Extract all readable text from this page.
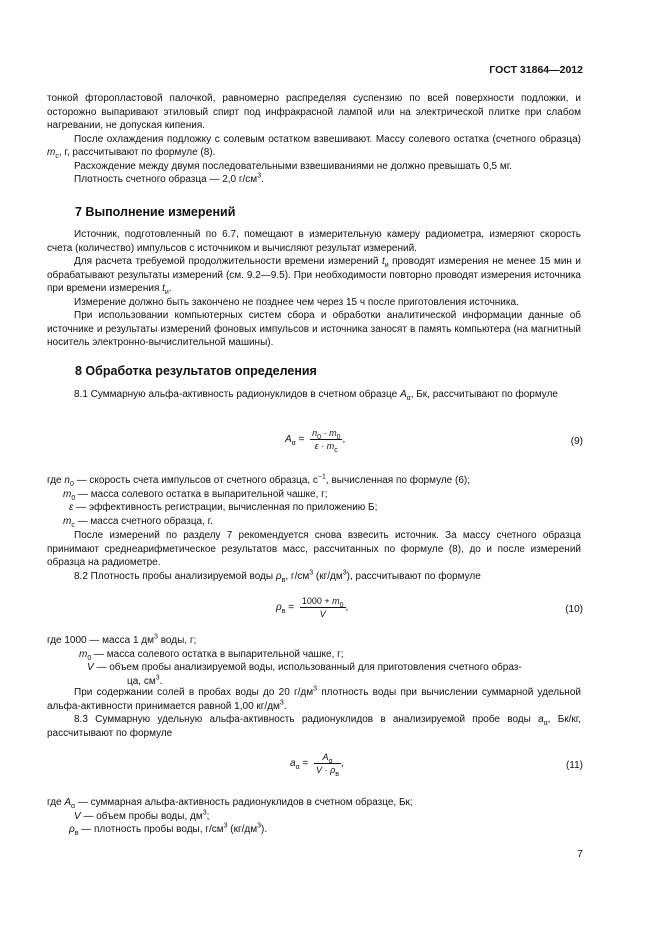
ГОСТ 31864—2012

тонкой фторопластовой палочкой, равномерно распределяя суспензию по всей поверхности подложки, и осторожно выпаривают этиловый спирт под инфракрасной лампой или на электрической плитке при слабом нагревании, не допуская кипения.

После охлаждения подложку с солевым остатком взвешивают. Массу солевого остатка (счетного образца) $m_с$, г, рассчитывают по формуле (8).

Расхождение между двумя последовательными взвешиваниями не должно превышать 0,5 мг.

Плотность счетного образца — 2,0 $г/см^3$.

7 Выполнение измерений

Источник, подготовленный по 6.7, помещают в измерительную камеру радиометра, измеряют скорость счета (количество) импульсов с источником и вычисляют результат измерений.

Для расчета требуемой продолжительности времени измерений $t_и$ проводят измерения не менее 15 мин и обрабатывают результаты измерений (см. 9.2—9.5). При необходимости повторно проводят измерения источника при времени измерения $t_и$.

Измерение должно быть закончено не позднее чем через 15 ч после приготовления источника.

При использовании компьютерных систем сбора и обработки аналитической информации данные об источнике и результаты измерений фоновых импульсов и источника заносят в память компьютера (на магнитный носитель электронно-вычислительной машины).

8 Обработка результатов определения

8.1 Суммарную альфа-активность радионуклидов в счетном образце $A_\alpha$, Бк, рассчитывают по формуле

$A_\alpha = \frac{n_0 \cdot m_0}{\varepsilon \cdot m_с}$ ,	(9)
где $n_0$ — скорость счета импульсов от счетного образца, $с^{-1}$, вычисленная по формуле (6);
$m_0$ — масса солевого остатка в выпарительной чашке, г;
ε — эффективность регистрации, вычисленная по приложению Б;
$m_с$ — масса счетного образца, г.

После измерений по разделу 7 рекомендуется снова взвесить источник. За массу счетного образца принимают среднеарифметическое результатов масс, рассчитанных по формуле (8), до и после измерений образца на радиометре.

8.2 Плотность пробы анализируемой воды $\rho_в$, $г/см^3$ $(кг/дм^3)$, рассчитывают по формуле

$\rho_в = \frac{1000 + m_0}{V}$ ,	(10)
где 1000 — масса 1 $дм^3$ воды, г;
$m_0$ — масса солевого остатка в выпарительной чашке, г;
V — объем пробы анализируемой воды, использованный для приготовления счетного образ-
ца, $см^3$.

При содержании солей в пробах воды до 20 $г/дм^3$ плотность воды при вычислении суммарной удельной альфа-активности принимается равной 1,00 $кг/дм^3$.

8.3 Суммарную удельную альфа-активность радионуклидов в анализируемой пробе воды $a_\alpha$, Бк/кг, рассчитывают по формуле

$a_\alpha = \frac{A_\alpha}{V \cdot \rho_в}$ ,	(11)
где $A_\alpha$ — суммарная альфа-активность радионуклидов в счетном образце, Бк;
V — объем пробы воды, $дм^3$;
$\rho_в$ — плотность пробы воды, $г/см^3$ $(кг/дм^3)$.
7
